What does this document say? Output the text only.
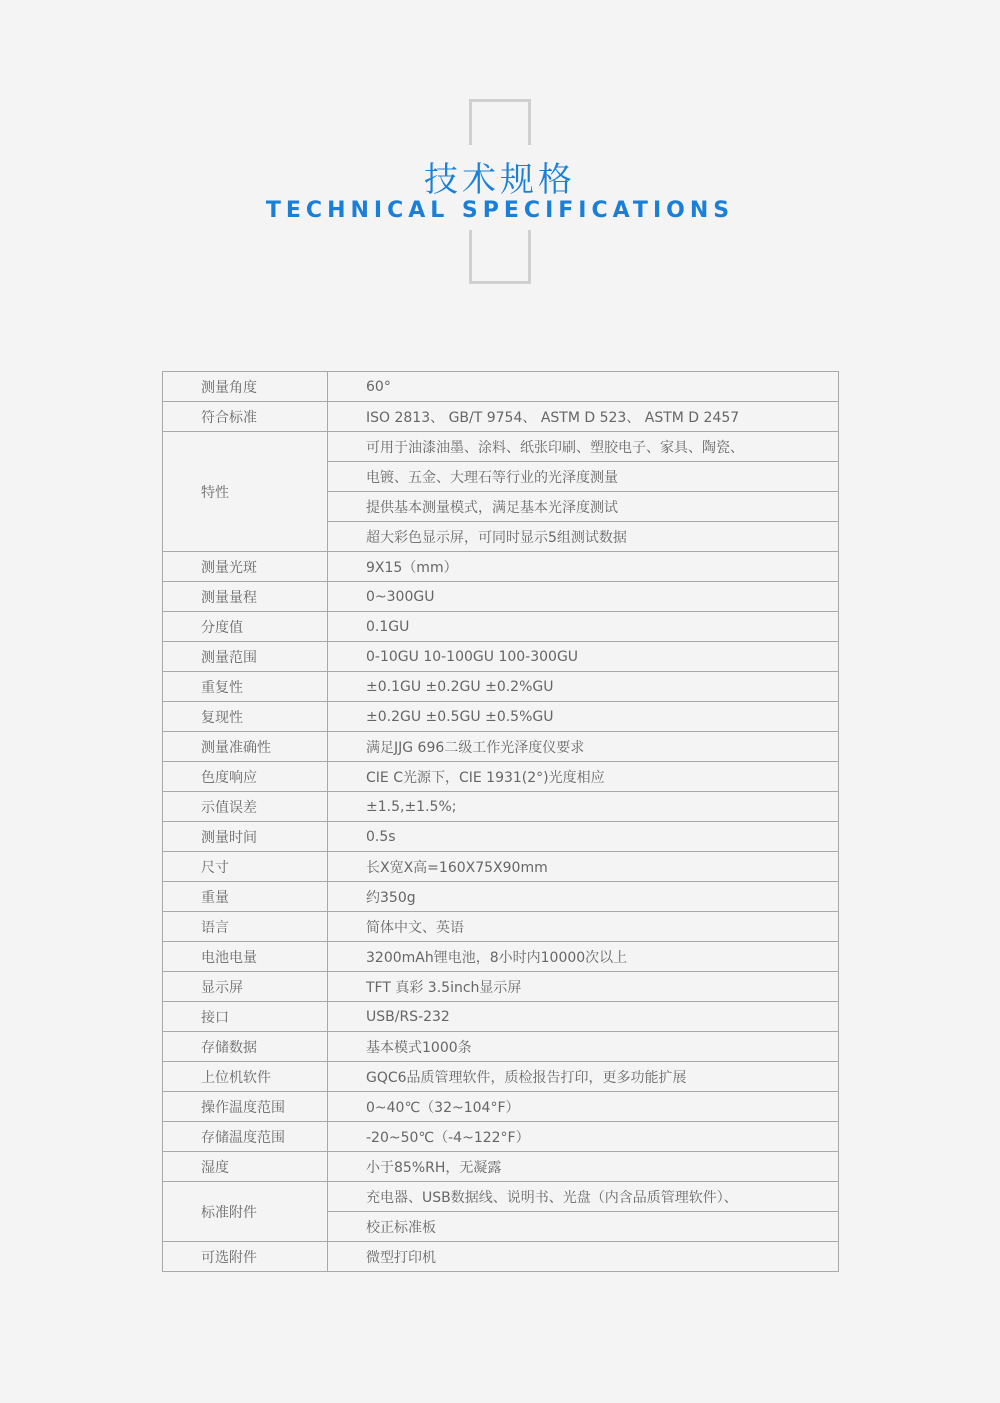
技术规格
TECHNICAL SPECIFICATIONS
测量角度	60°
符合标准	ISO 2813、 GB/T 9754、 ASTM D 523、 ASTM D 2457
特性	可用于油漆油墨、涂料、纸张印刷、塑胶电子、家具、陶瓷、
	电镀、五金、大理石等行业的光泽度测量
	提供基本测量模式，满足基本光泽度测试
	超大彩色显示屏，可同时显示5组测试数据
测量光斑	9X15（mm）
测量量程	0~300GU
分度值	0.1GU
测量范围	0-10GU 10-100GU 100-300GU
重复性	±0.1GU ±0.2GU ±0.2%GU
复现性	±0.2GU ±0.5GU ±0.5%GU
测量准确性	满足JJG 696二级工作光泽度仪要求
色度响应	CIE C光源下，CIE 1931(2°)光度相应
示值误差	±1.5,±1.5%;
测量时间	0.5s
尺寸	长X宽X高=160X75X90mm
重量	约350g
语言	简体中文、英语
电池电量	3200mAh锂电池，8小时内10000次以上
显示屏	TFT 真彩 3.5inch显示屏
接口	USB/RS-232
存储数据	基本模式1000条
上位机软件	GQC6品质管理软件，质检报告打印，更多功能扩展
操作温度范围	0~40℃（32~104°F）
存储温度范围	-20~50℃（-4~122°F）
湿度	小于85%RH，无凝露
标准附件	充电器、USB数据线、说明书、光盘（内含品质管理软件）、
	校正标准板
可选附件	微型打印机
